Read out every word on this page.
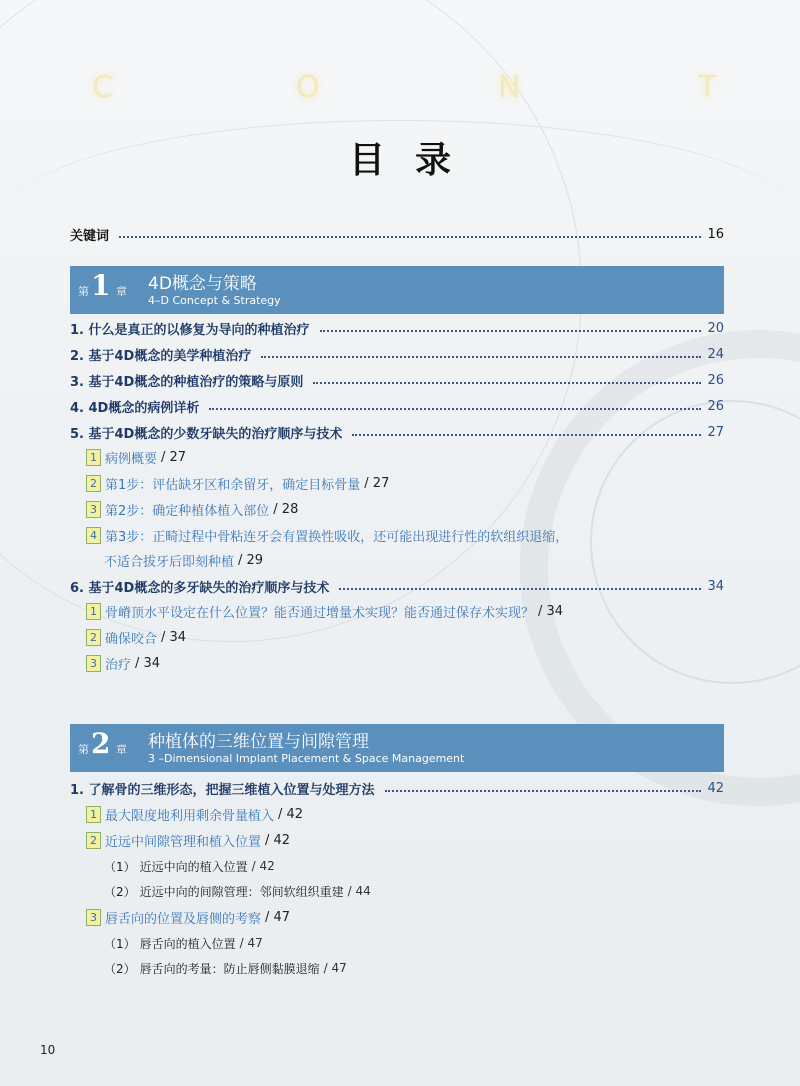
C	O	N	T
目录
关键词	16
第 1 章 4D概念与策略
4–D Concept & Strategy
1. 什么是真正的以修复为导向的种植治疗	20
2. 基于4D概念的美学种植治疗	24
3. 基于4D概念的种植治疗的策略与原则	26
4. 4D概念的病例详析	26
5. 基于4D概念的少数牙缺失的治疗顺序与技术	27
1 病例概要 / 27
2 第1步：评估缺牙区和余留牙，确定目标骨量 / 27
3 第2步：确定种植体植入部位 / 28
4 第3步：正畸过程中骨粘连牙会有置换性吸收，还可能出现进行性的软组织退缩，
不适合拔牙后即刻种植 / 29
6. 基于4D概念的多牙缺失的治疗顺序与技术	34
1 骨嵴顶水平设定在什么位置？能否通过增量术实现？能否通过保存术实现？ / 34
2 确保咬合 / 34
3 治疗 / 34
第 2 章 种植体的三维位置与间隙管理
3 –Dimensional Implant Placement & Space Management
1. 了解骨的三维形态，把握三维植入位置与处理方法	42
1 最大限度地利用剩余骨量植入 / 42
2 近远中间隙管理和植入位置 / 42
（1） 近远中向的植入位置 / 42
（2） 近远中向的间隙管理：邻间软组织重建 / 44
3 唇舌向的位置及唇侧的考察 / 47
（1） 唇舌向的植入位置 / 47
（2） 唇舌向的考量：防止唇侧黏膜退缩 / 47
10
